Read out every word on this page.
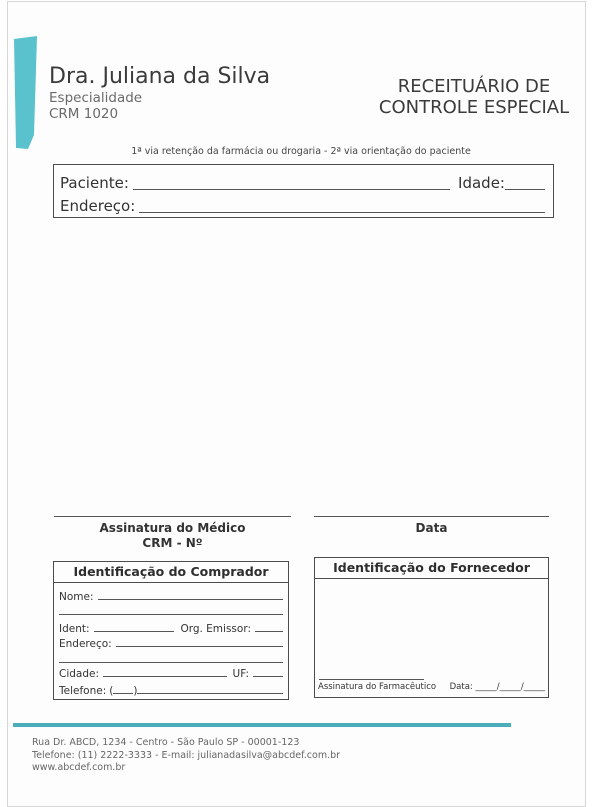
Dra. Juliana da Silva
Especialidade
CRM 1020
RECEITUÁRIO DE
CONTROLE ESPECIAL
1ª via retenção da farmácia ou drogaria - 2ª via orientação do paciente
Paciente:	Idade:
Endereço:
Assinatura do Médico
CRM - Nº
Data
Identificação do Comprador
Nome:
Ident:	Org. Emissor:
Endereço:
Cidade:	UF:
Telefone: ( )
Identificação do Fornecedor
Assinatura do Farmacêutico Data: _____/_____/_____
Rua Dr. ABCD, 1234 - Centro - São Paulo SP - 00001-123
Telefone: (11) 2222-3333 - E-mail: julianadasilva@abcdef.com.br
www.abcdef.com.br
